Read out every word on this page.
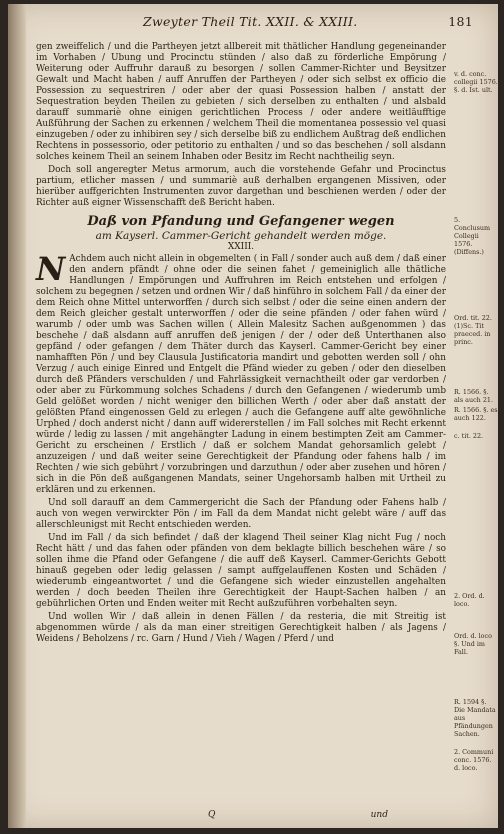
Zweyter Theil Tit. XXII. & XXIII.	181

gen zweiffelich / und die Partheyen jetzt allbereit mit thätlicher Handlung gegeneinander im Vorhaben / Ubung und Procinctu stünden / also daß zu förderliche Empörung / Weiterung oder Auffruhr darauß zu besorgen / sollen Cammer-Richter und Beysitzer Gewalt und Macht haben / auff Anruffen der Partheyen / oder sich selbst ex officio die Possession zu sequestriren / oder aber der quasi Possession halben / anstatt der Sequestration beyden Theilen zu gebieten / sich derselben zu enthalten / und alsbald darauff summariè ohne einigen gerichtlichen Process / oder andere weitläufftige Außführung der Sachen zu erkennen / welchem Theil die momentanea possessio vel quasi einzugeben / oder zu inhibiren sey / sich derselbe biß zu endlichem Außtrag deß endlichen Rechtens in possessorio, oder petitorio zu enthalten / und so das beschehen / soll alsdann solches keinem Theil an seinem Inhaben oder Besitz im Recht nachtheilig seyn.

Doch soll angeregter Metus armorum, auch die vorstehende Gefahr und Procinctus partium, etlicher massen / und summariè auß derhalben ergangenen Missiven, oder hierüber auffgerichten Instrumenten zuvor dargethan und beschienen werden / oder der Richter auß eigner Wissenschafft deß Bericht haben.

Daß von Pfandung und Gefangener wegen
am Kayserl. Cammer-Gericht gehandelt werden möge.
XXIII.

N Achdem auch nicht allein in obgemelten ( in Fall / sonder auch auß dem / daß einer den andern pfändt / ohne oder die seinen fahet / gemeiniglich alle thätliche Handlungen / Empörungen und Auffruhren im Reich entstehen und erfolgen / solchem zu begegnen / setzen und ordnen Wir / daß hinführo in solchem Fall / da einer der dem Reich ohne Mittel unterworffen / durch sich selbst / oder die seine einen andern der dem Reich gleicher gestalt unterworffen / oder die seine pfänden / oder fahen würd / warumb / oder umb was Sachen willen ( Allein Malesitz Sachen außgenommen ) das beschehe / daß alsdann auff anruffen deß jenigen / der / oder deß Unterthanen also gepfänd / oder gefangen / dem Thäter durch das Kayserl. Cammer-Gericht bey einer namhafften Pön / und bey Clausula Justificatoria mandirt und gebotten werden soll / ohn Verzug / auch einige Einred und Entgelt die Pfänd wieder zu geben / oder den dieselben durch deß Pfänders verschulden / und Fahrlässigkeit vernachtheilt oder gar verdorben / oder aber zu Fürkommung solches Schadens / durch den Gefangenen / wiederumb umb Geld gelößet worden / nicht weniger den billichen Werth / oder aber daß anstatt der gelößten Pfand eingenossen Geld zu erlegen / auch die Gefangene auff alte gewöhnliche Urphed / doch anderst nicht / dann auff widererstellen / im Fall solches mit Recht erkennt würde / ledig zu lassen / mit angehängter Ladung in einem bestimpten Zeit am Cammer-Gericht zu erscheinen / Erstlich / daß er solchem Mandat gehorsamlich gelebt / anzuzeigen / und daß weiter seine Gerechtigkeit der Pfandung oder fahens halb / im Rechten / wie sich gebührt / vorzubringen und darzuthun / oder aber zusehen und hören / sich in die Pön deß außgangenen Mandats, seiner Ungehorsamb halben mit Urtheil zu erklären und zu erkennen.

Und soll darauff an dem Cammergericht die Sach der Pfandung oder Fahens halb / auch von wegen verwirckter Pön / im Fall da dem Mandat nicht gelebt wäre / auff das allerschleunigst mit Recht entschieden werden.

Und im Fall / da sich befindet / daß der klagend Theil seiner Klag nicht Fug / noch Recht hätt / und das fahen oder pfänden von dem beklagte billich beschehen wäre / so sollen ihme die Pfand oder Gefangene / die auff deß Kayserl. Cammer-Gerichts Gebott hinauß gegeben oder ledig gelassen / sampt auffgelauffenen Kosten und Schäden / wiederumb eingeantwortet / und die Gefangene sich wieder einzustellen angehalten werden / doch beeden Theilen ihre Gerechtigkeit der Haupt-Sachen halben / an gebührlichen Orten und Enden weiter mit Recht außzuführen vorbehalten seyn.

Und wollen Wir / daß allein in denen Fällen / da resteria, die mit Streitig ist abgenommen würde / als da man einer streitigen Gerechtigkeit halben / als Jagens / Weidens / Beholzens / rc. Garn / Hund / Vieh / Wagen / Pferd / und

v. d. conc. collegii 1576. §. d. Ist. ult.
5. Conclusum Collegii 1576. (Diffens.)
Ord. tit. 22. (1)Sc. Tit praeced. in princ.
R. 1566. §. als auch 21.
R. 1566. §. es auch 122.
c. tit. 22.
2. Ord. d. loco.
Ord. d. loco §. Und im Fall.
R. 1594 §. Die Mandata aus Pfändungen Sachen.
2. Communi conc. 1576. d. loco.
Q	und
